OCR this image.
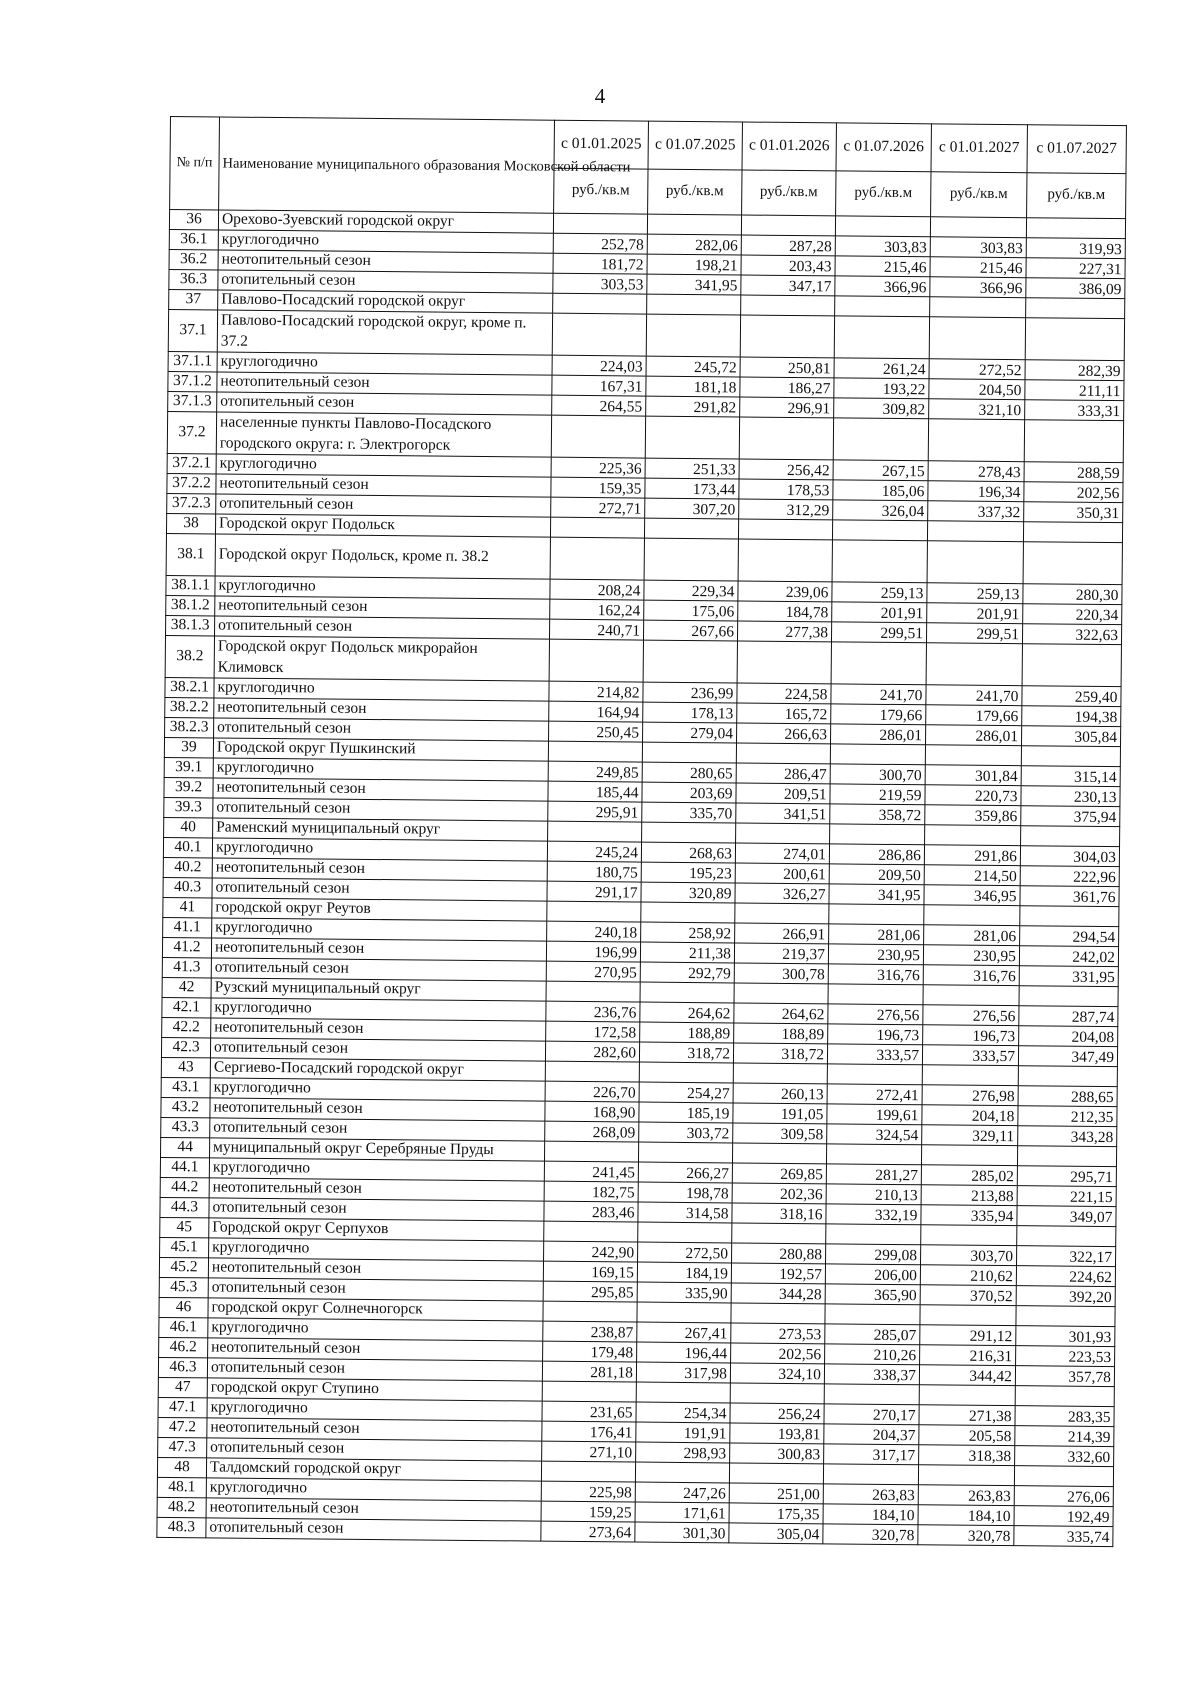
4
№ п/п	Наименование муниципального образования Московской области	с 01.01.2025	с 01.07.2025	с 01.01.2026	с 01.07.2026	с 01.01.2027	с 01.07.2027
		руб./кв.м	руб./кв.м	руб./кв.м	руб./кв.м	руб./кв.м	руб./кв.м
36	Орехово-Зуевский городской округ						
36.1	круглогодично	252,78	282,06	287,28	303,83	303,83	319,93
36.2	неотопительный сезон	181,72	198,21	203,43	215,46	215,46	227,31
36.3	отопительный сезон	303,53	341,95	347,17	366,96	366,96	386,09
37	Павлово-Посадский городской округ						
37.1	Павлово-Посадский городской округ, кроме п. 37.2						
37.1.1	круглогодично	224,03	245,72	250,81	261,24	272,52	282,39
37.1.2	неотопительный сезон	167,31	181,18	186,27	193,22	204,50	211,11
37.1.3	отопительный сезон	264,55	291,82	296,91	309,82	321,10	333,31
37.2	населенные пункты Павлово-Посадского городского округа: г. Электрогорск						
37.2.1	круглогодично	225,36	251,33	256,42	267,15	278,43	288,59
37.2.2	неотопительный сезон	159,35	173,44	178,53	185,06	196,34	202,56
37.2.3	отопительный сезон	272,71	307,20	312,29	326,04	337,32	350,31
38	Городской округ Подольск						
38.1	Городской округ Подольск, кроме п. 38.2						
38.1.1	круглогодично	208,24	229,34	239,06	259,13	259,13	280,30
38.1.2	неотопительный сезон	162,24	175,06	184,78	201,91	201,91	220,34
38.1.3	отопительный сезон	240,71	267,66	277,38	299,51	299,51	322,63
38.2	Городской округ Подольск микрорайон Климовск						
38.2.1	круглогодично	214,82	236,99	224,58	241,70	241,70	259,40
38.2.2	неотопительный сезон	164,94	178,13	165,72	179,66	179,66	194,38
38.2.3	отопительный сезон	250,45	279,04	266,63	286,01	286,01	305,84
39	Городской округ Пушкинский						
39.1	круглогодично	249,85	280,65	286,47	300,70	301,84	315,14
39.2	неотопительный сезон	185,44	203,69	209,51	219,59	220,73	230,13
39.3	отопительный сезон	295,91	335,70	341,51	358,72	359,86	375,94
40	Раменский муниципальный округ						
40.1	круглогодично	245,24	268,63	274,01	286,86	291,86	304,03
40.2	неотопительный сезон	180,75	195,23	200,61	209,50	214,50	222,96
40.3	отопительный сезон	291,17	320,89	326,27	341,95	346,95	361,76
41	городской округ Реутов						
41.1	круглогодично	240,18	258,92	266,91	281,06	281,06	294,54
41.2	неотопительный сезон	196,99	211,38	219,37	230,95	230,95	242,02
41.3	отопительный сезон	270,95	292,79	300,78	316,76	316,76	331,95
42	Рузский муниципальный округ						
42.1	круглогодично	236,76	264,62	264,62	276,56	276,56	287,74
42.2	неотопительный сезон	172,58	188,89	188,89	196,73	196,73	204,08
42.3	отопительный сезон	282,60	318,72	318,72	333,57	333,57	347,49
43	Сергиево-Посадский городской округ						
43.1	круглогодично	226,70	254,27	260,13	272,41	276,98	288,65
43.2	неотопительный сезон	168,90	185,19	191,05	199,61	204,18	212,35
43.3	отопительный сезон	268,09	303,72	309,58	324,54	329,11	343,28
44	муниципальный округ Серебряные Пруды						
44.1	круглогодично	241,45	266,27	269,85	281,27	285,02	295,71
44.2	неотопительный сезон	182,75	198,78	202,36	210,13	213,88	221,15
44.3	отопительный сезон	283,46	314,58	318,16	332,19	335,94	349,07
45	Городской округ Серпухов						
45.1	круглогодично	242,90	272,50	280,88	299,08	303,70	322,17
45.2	неотопительный сезон	169,15	184,19	192,57	206,00	210,62	224,62
45.3	отопительный сезон	295,85	335,90	344,28	365,90	370,52	392,20
46	городской округ Солнечногорск						
46.1	круглогодично	238,87	267,41	273,53	285,07	291,12	301,93
46.2	неотопительный сезон	179,48	196,44	202,56	210,26	216,31	223,53
46.3	отопительный сезон	281,18	317,98	324,10	338,37	344,42	357,78
47	городской округ Ступино						
47.1	круглогодично	231,65	254,34	256,24	270,17	271,38	283,35
47.2	неотопительный сезон	176,41	191,91	193,81	204,37	205,58	214,39
47.3	отопительный сезон	271,10	298,93	300,83	317,17	318,38	332,60
48	Талдомский городской округ						
48.1	круглогодично	225,98	247,26	251,00	263,83	263,83	276,06
48.2	неотопительный сезон	159,25	171,61	175,35	184,10	184,10	192,49
48.3	отопительный сезон	273,64	301,30	305,04	320,78	320,78	335,74
